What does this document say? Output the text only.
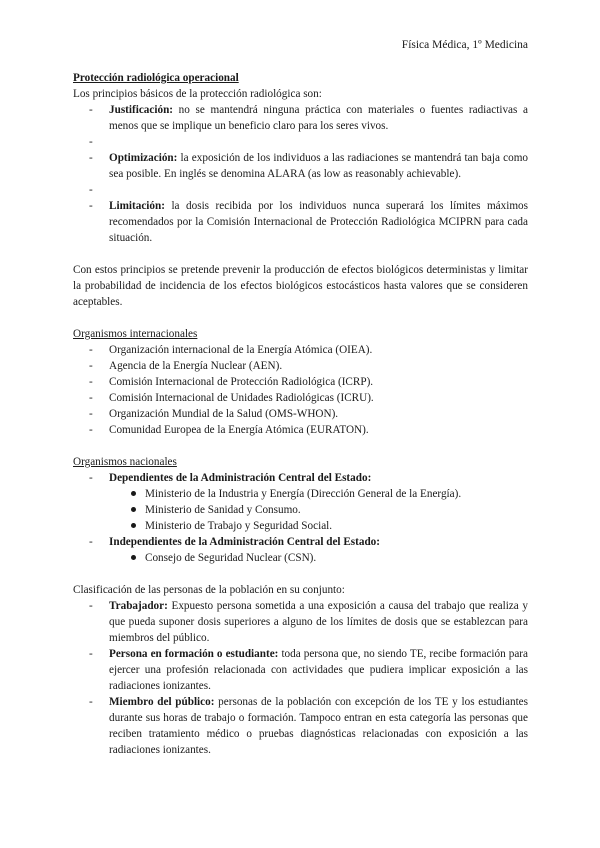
Física Médica, 1º Medicina
Protección radiológica operacional
Los principios básicos de la protección radiológica son:
- Justificación: no se mantendrá ninguna práctica con materiales o fuentes radiactivas a menos que se implique un beneficio claro para los seres vivos.
-
- Optimización: la exposición de los individuos a las radiaciones se mantendrá tan baja como sea posible. En inglés se denomina ALARA (as low as reasonably achievable).
-
- Limitación: la dosis recibida por los individuos nunca superará los límites máximos recomendados por la Comisión Internacional de Protección Radiológica MCIPRN para cada situación.
Con estos principios se pretende prevenir la producción de efectos biológicos deterministas y limitar la probabilidad de incidencia de los efectos biológicos estocásticos hasta valores que se consideren aceptables.
Organismos internacionales
- Organización internacional de la Energía Atómica (OIEA).
- Agencia de la Energía Nuclear (AEN).
- Comisión Internacional de Protección Radiológica (ICRP).
- Comisión Internacional de Unidades Radiológicas (ICRU).
- Organización Mundial de la Salud (OMS-WHON).
- Comunidad Europea de la Energía Atómica (EURATON).
Organismos nacionales
- Dependientes de la Administración Central del Estado:
Ministerio de la Industria y Energía (Dirección General de la Energía).
Ministerio de Sanidad y Consumo.
Ministerio de Trabajo y Seguridad Social.
- Independientes de la Administración Central del Estado:
Consejo de Seguridad Nuclear (CSN).
Clasificación de las personas de la población en su conjunto:
- Trabajador: Expuesto persona sometida a una exposición a causa del trabajo que realiza y que pueda suponer dosis superiores a alguno de los límites de dosis que se establezcan para miembros del público.
- Persona en formación o estudiante: toda persona que, no siendo TE, recibe formación para ejercer una profesión relacionada con actividades que pudiera implicar exposición a las radiaciones ionizantes.
- Miembro del público: personas de la población con excepción de los TE y los estudiantes durante sus horas de trabajo o formación. Tampoco entran en esta categoría las personas que reciben tratamiento médico o pruebas diagnósticas relacionadas con exposición a las radiaciones ionizantes.
